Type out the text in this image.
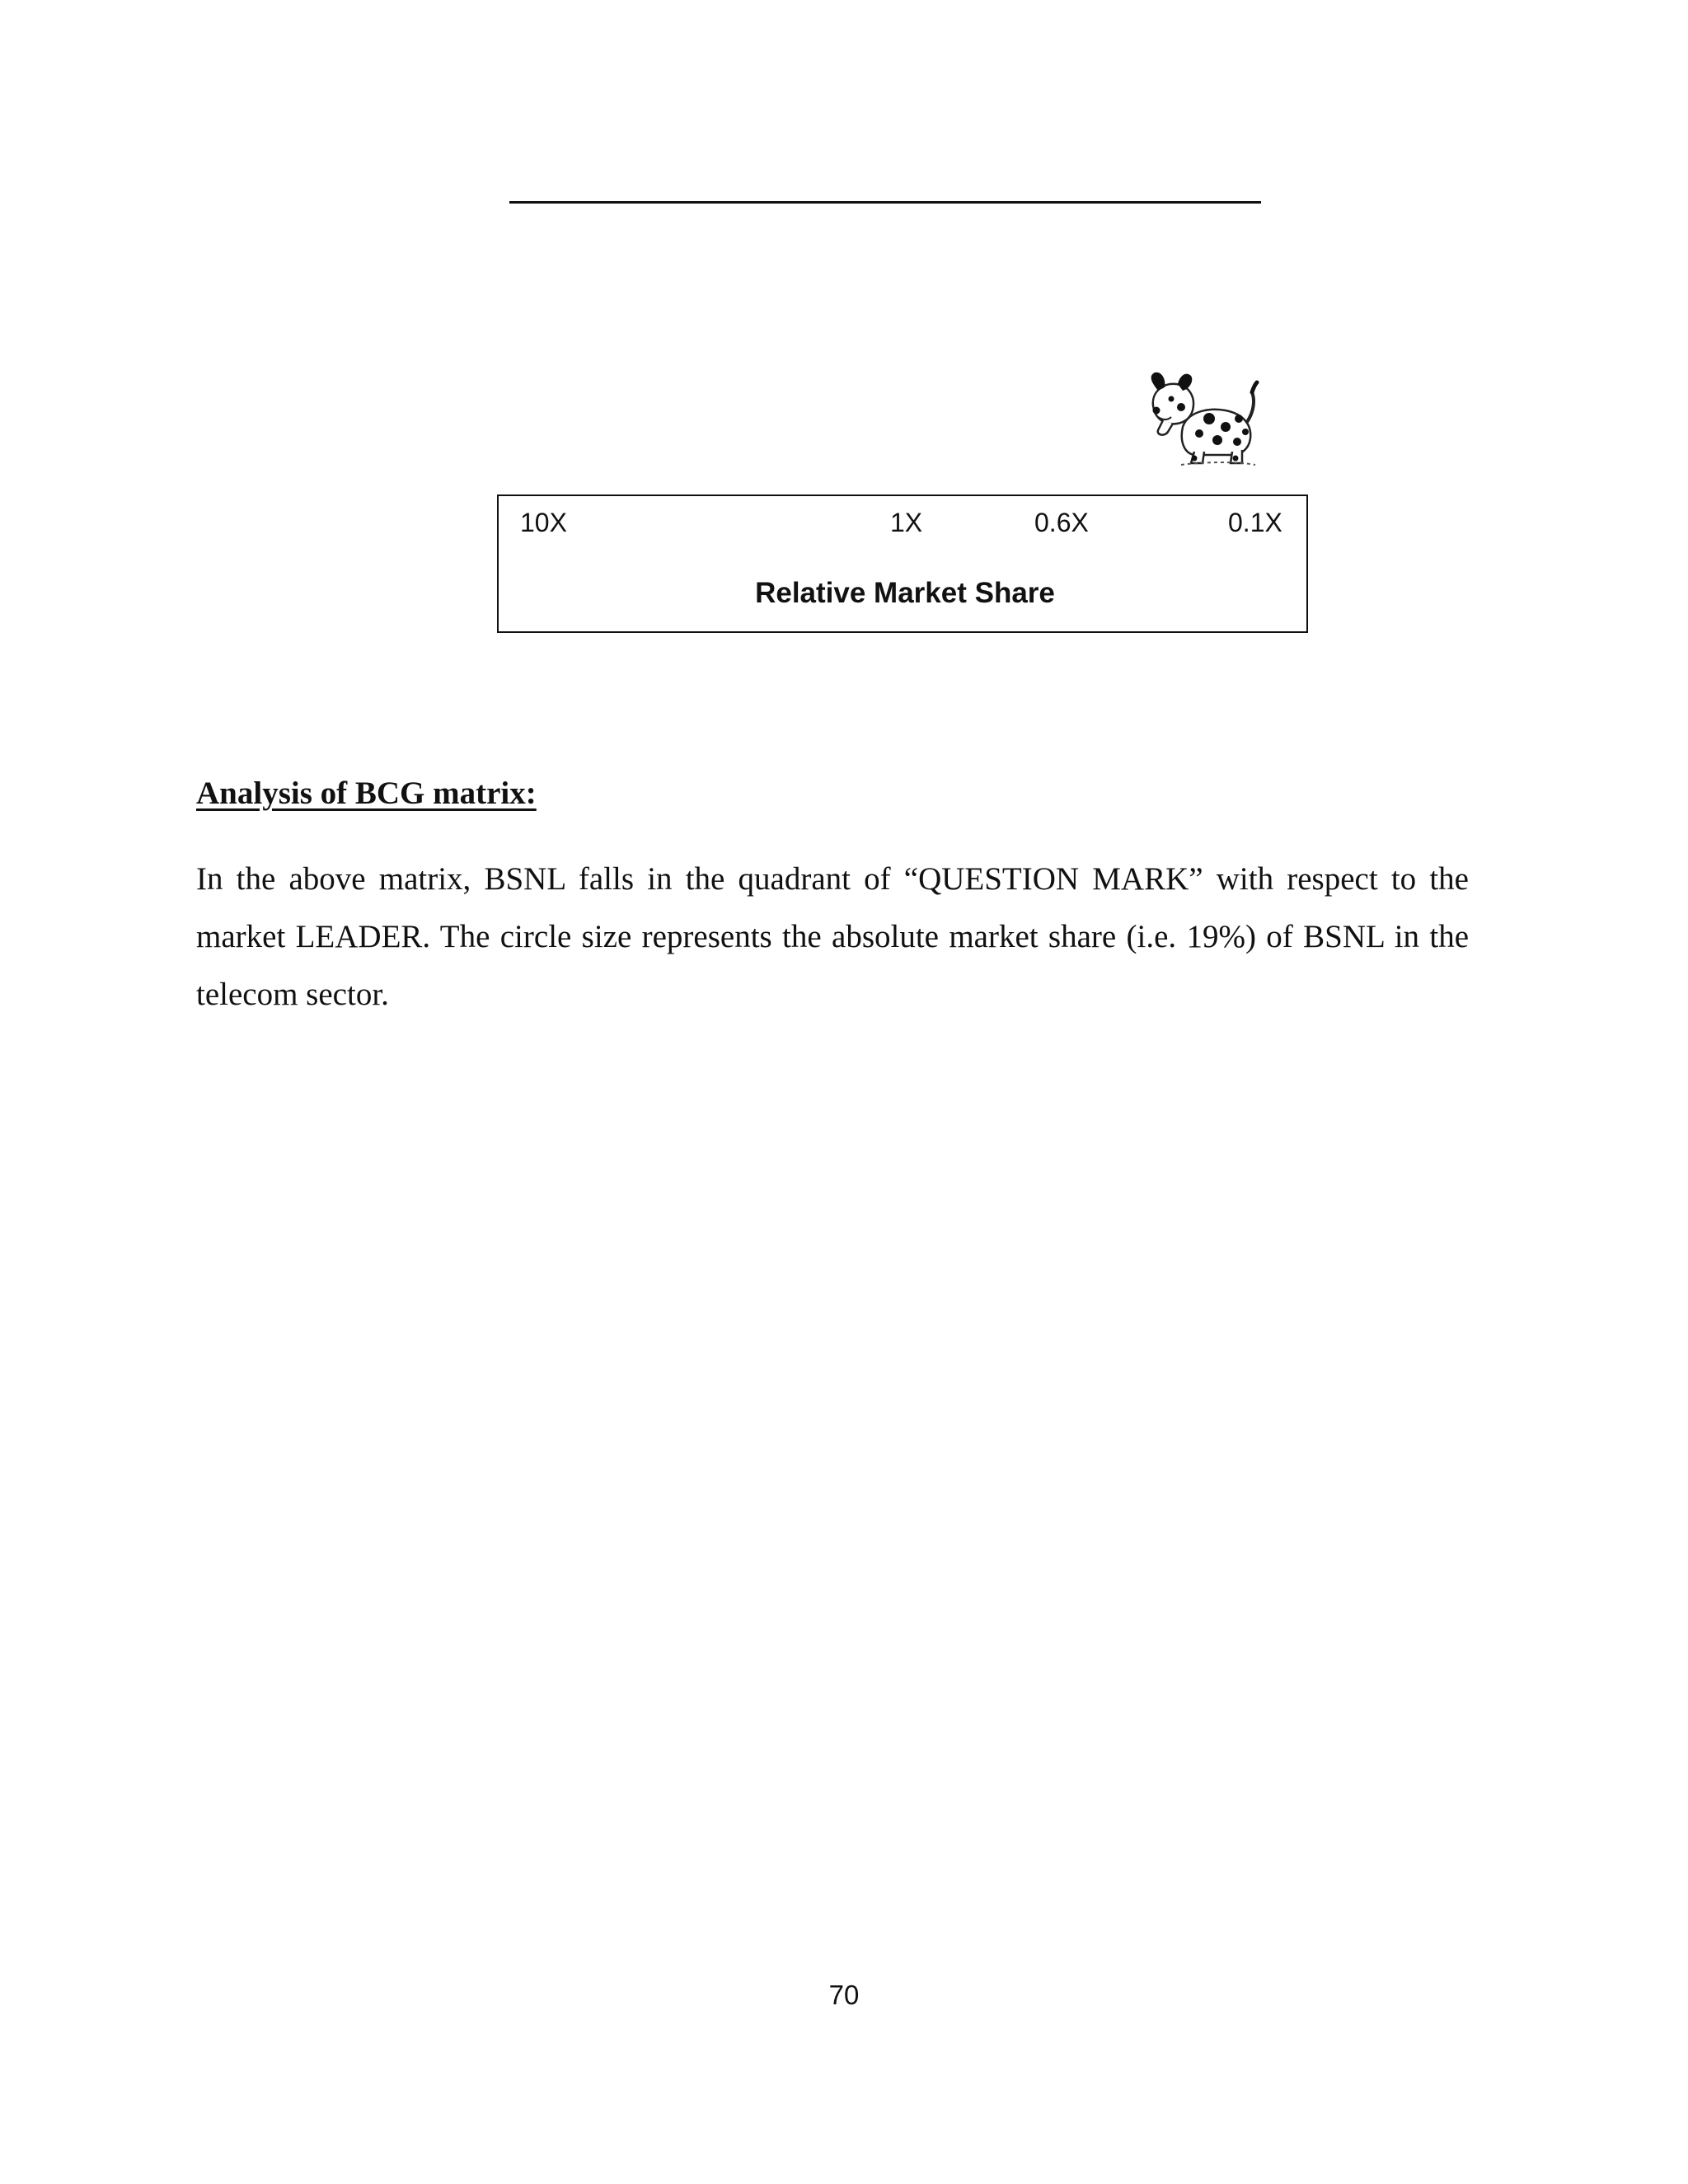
10X	1X	0.6X	0.1X
Relative Market Share
Analysis of BCG matrix:

In the above matrix, BSNL falls in the quadrant of “QUESTION MARK” with respect to the market LEADER. The circle size represents the absolute market share (i.e. 19%) of BSNL in the telecom sector.

70
